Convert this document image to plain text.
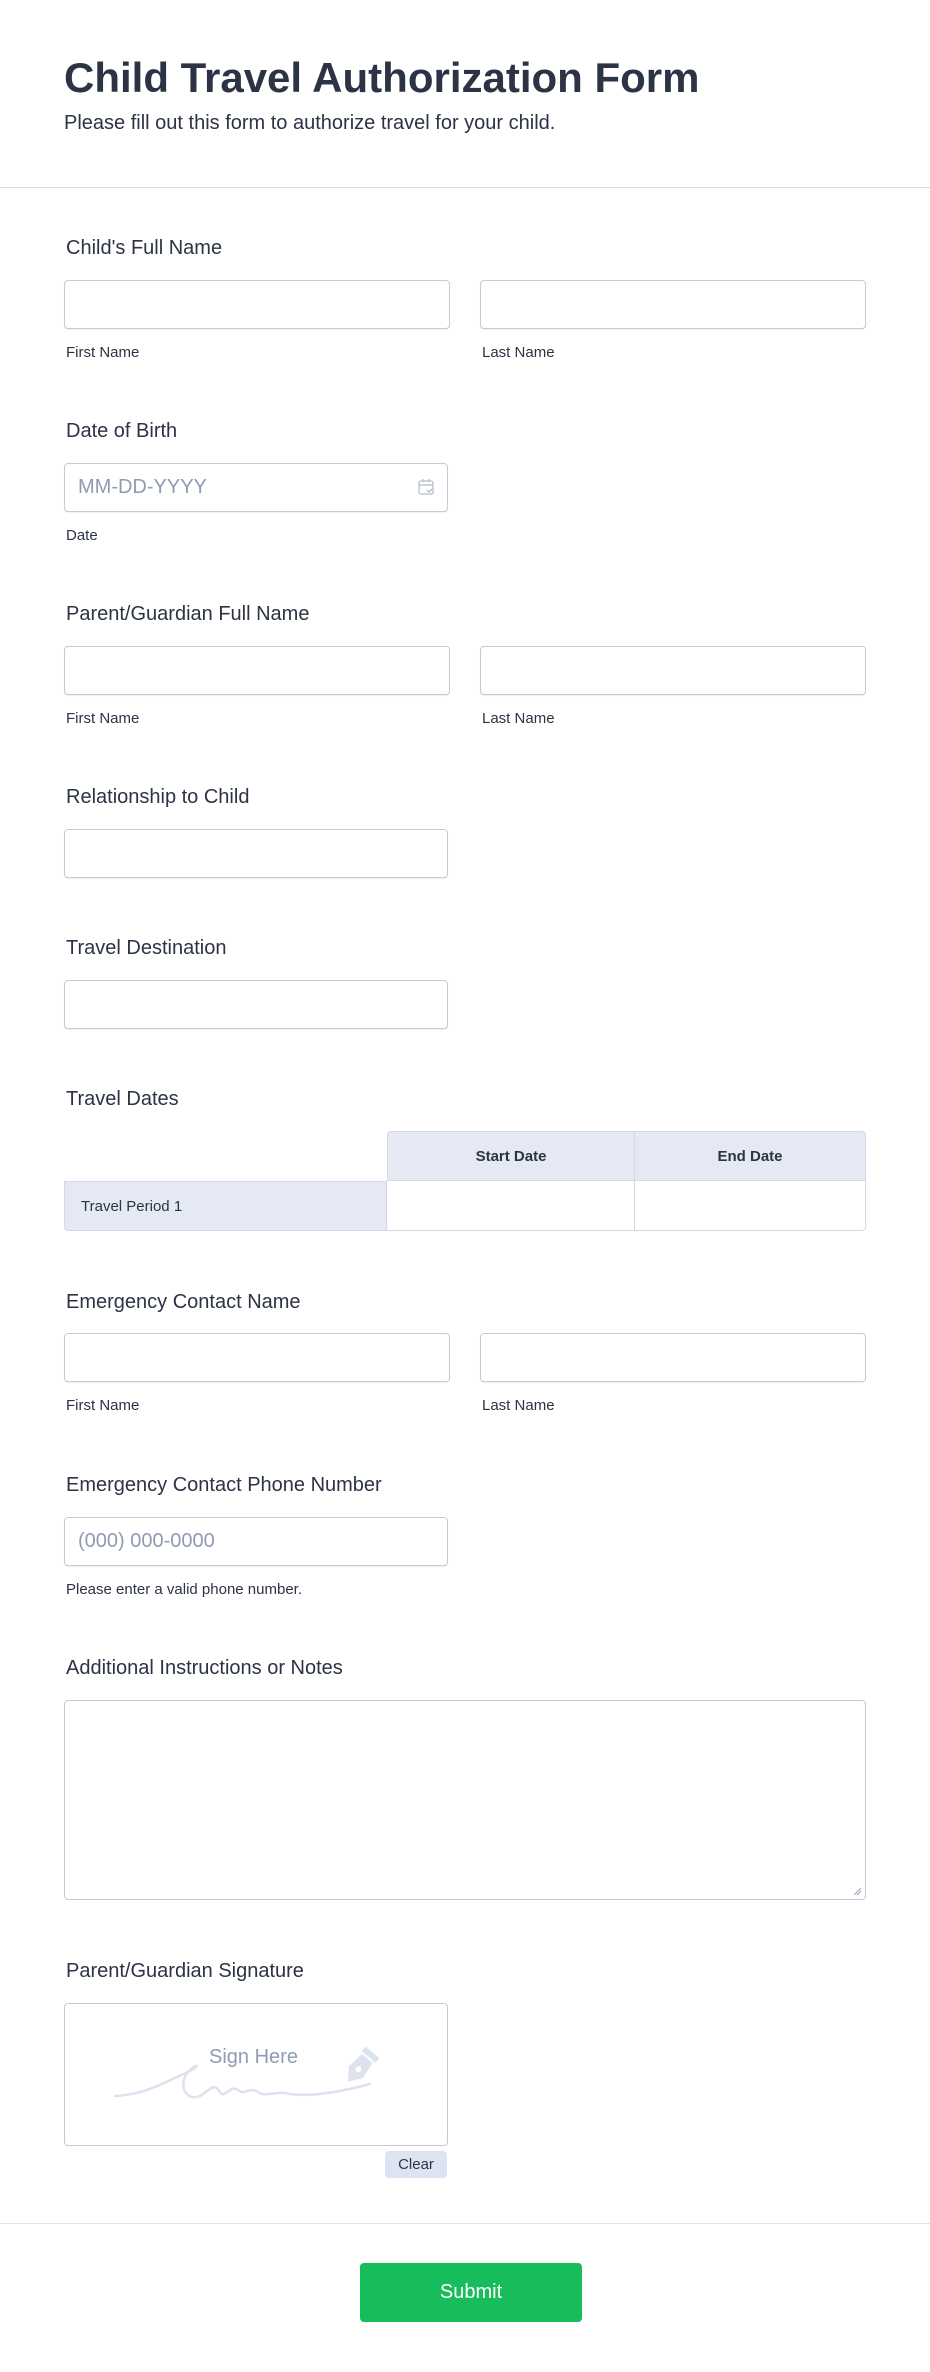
Child Travel Authorization Form

Please fill out this form to authorize travel for your child.

Child's Full Name
First Name	Last Name
Date of Birth
MM-DD-YYYY
Date
Parent/Guardian Full Name
First Name	Last Name
Relationship to Child
Travel Destination
Travel Dates
	Start Date	End Date
Travel Period 1		
Emergency Contact Name
First Name	Last Name
Emergency Contact Phone Number
(000) 000-0000
Please enter a valid phone number.
Additional Instructions or Notes
Parent/Guardian Signature
Sign Here
Clear
Submit
